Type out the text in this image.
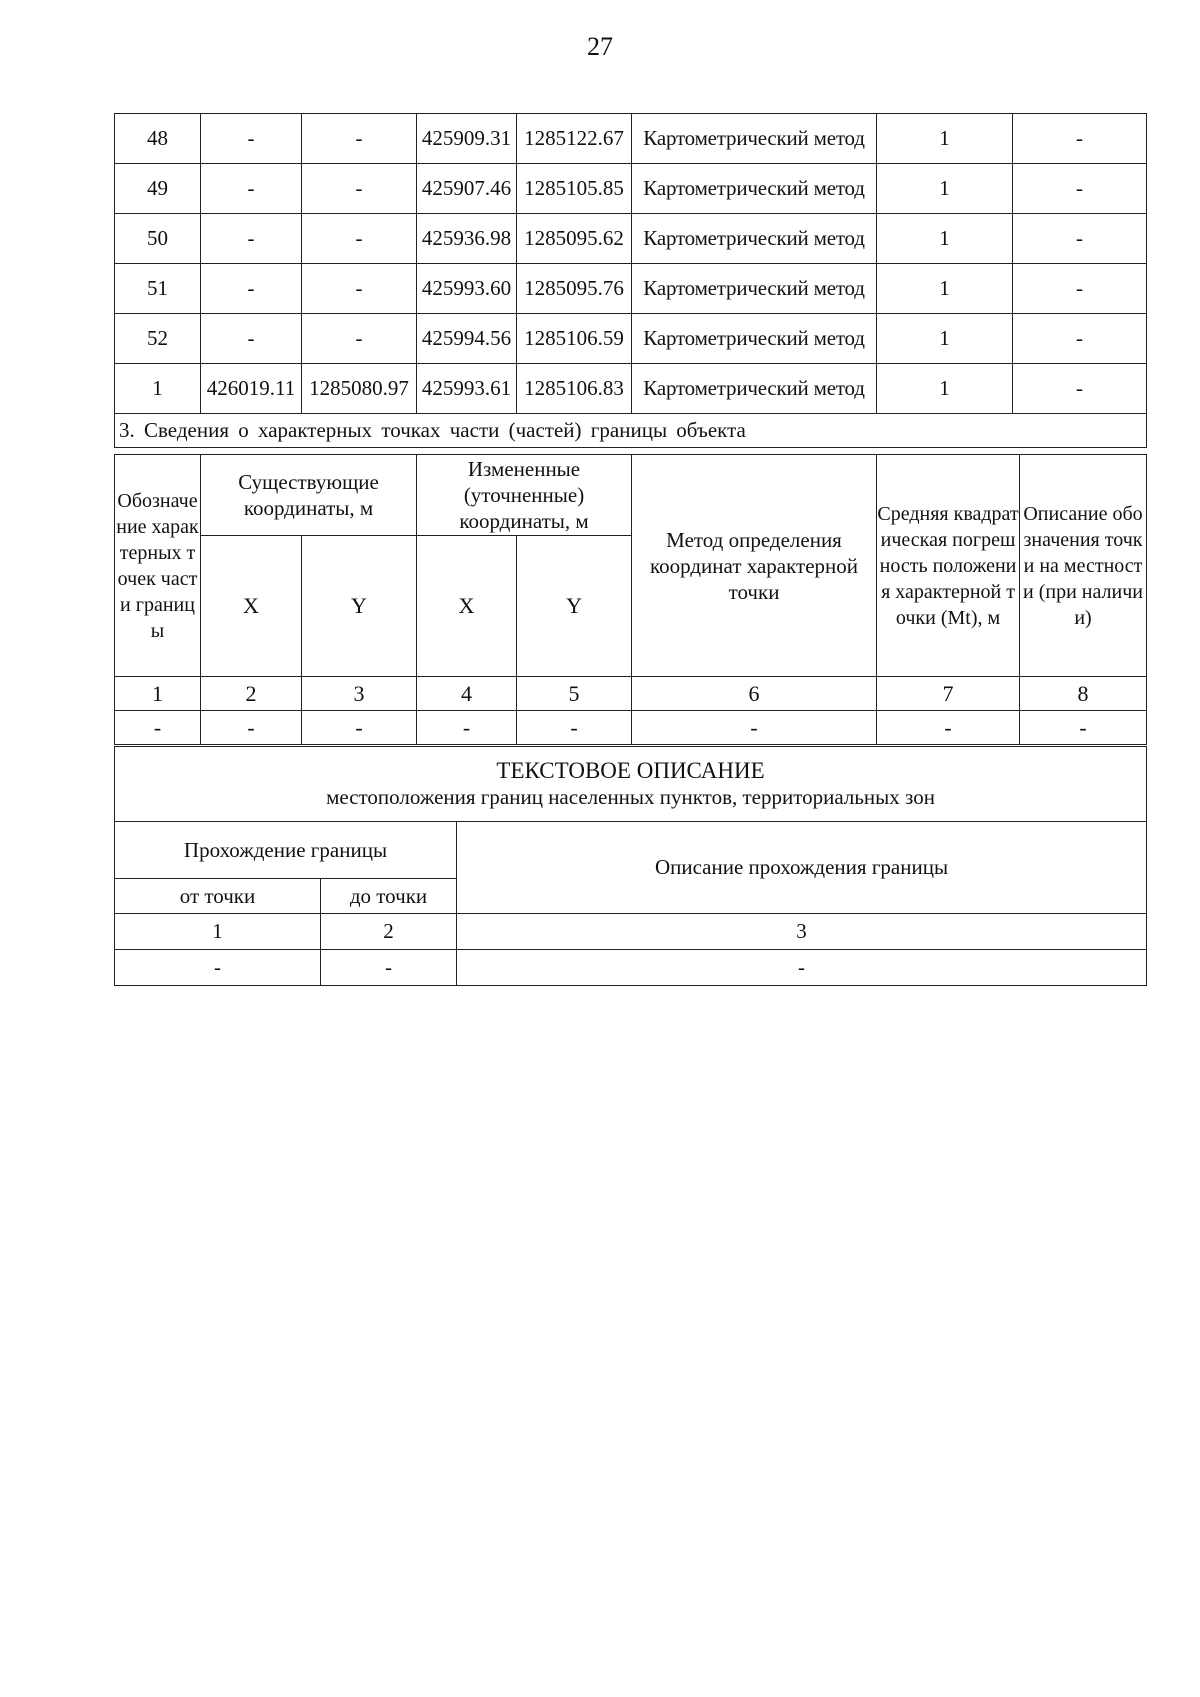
27
48	-	-	425909.31	1285122.67	Картометрический метод	1	-
49	-	-	425907.46	1285105.85	Картометрический метод	1	-
50	-	-	425936.98	1285095.62	Картометрический метод	1	-
51	-	-	425993.60	1285095.76	Картометрический метод	1	-
52	-	-	425994.56	1285106.59	Картометрический метод	1	-
1	426019.11	1285080.97	425993.61	1285106.83	Картометрический метод	1	-
3. Сведения о характерных точках части (частей) границы объекта							
Обозначение характерных точек части границы	Существующие координаты, м		Измененные (уточненные) координаты, м		Метод определения координат характерной точки	Средняя квадратическая погрешность положения характерной точки (Mt), м	Описание обозначения точки на местности (при наличии)
	X	Y	X	Y			
1	2	3	4	5	6	7	8
-	-	-	-	-	-	-	-
ТЕКСТОВОЕ ОПИСАНИЕ
местоположения границ населенных пунктов, территориальных зон		

Прохождение границы		Описание прохождения границы
от точки	до точки	
1	2	3
-	-	-
